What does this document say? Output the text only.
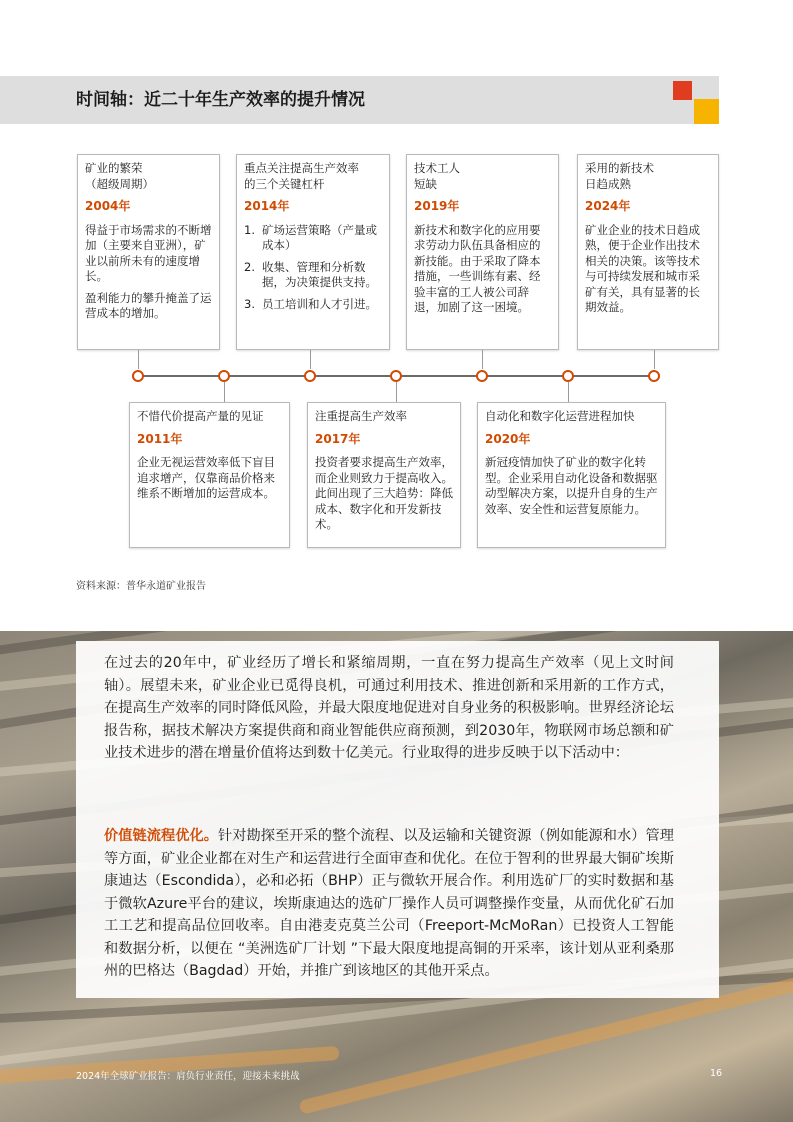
时间轴：近二十年生产效率的提升情况
矿业的繁荣
（超级周期）
2004年

得益于市场需求的不断增加（主要来自亚洲），矿业以前所未有的速度增长。

盈利能力的攀升掩盖了运营成本的增加。

重点关注提高生产效率
的三个关键杠杆
2014年
1. 矿场运营策略（产量或成本）
2. 收集、管理和分析数据，为决策提供支持。
3. 员工培训和人才引进。
技术工人
短缺
2019年

新技术和数字化的应用要求劳动力队伍具备相应的新技能。由于采取了降本措施，一些训练有素、经验丰富的工人被公司辞退，加剧了这一困境。

采用的新技术
日趋成熟
2024年

矿业企业的技术日趋成熟，便于企业作出技术相关的决策。该等技术与可持续发展和城市采矿有关，具有显著的长期效益。

不惜代价提高产量的见证
2011年

企业无视运营效率低下盲目追求增产，仅靠商品价格来维系不断增加的运营成本。

注重提高生产效率
2017年

投资者要求提高生产效率，而企业则致力于提高收入。此间出现了三大趋势：降低成本、数字化和开发新技术。

自动化和数字化运营进程加快
2020年

新冠疫情加快了矿业的数字化转型。企业采用自动化设备和数据驱动型解决方案，以提升自身的生产效率、安全性和运营复原能力。

资料来源：普华永道矿业报告

在过去的20年中，矿业经历了增长和紧缩周期，一直在努力提高生产效率（见上文时间轴）。展望未来，矿业企业已觅得良机，可通过利用技术、推进创新和采用新的工作方式，在提高生产效率的同时降低风险，并最大限度地促进对自身业务的积极影响。世界经济论坛报告称，据技术解决方案提供商和商业智能供应商预测，到2030年，物联网市场总额和矿业技术进步的潜在增量价值将达到数十亿美元。行业取得的进步反映于以下活动中：

价值链流程优化。针对勘探至开采的整个流程、以及运输和关键资源（例如能源和水）管理等方面，矿业企业都在对生产和运营进行全面审查和优化。在位于智利的世界最大铜矿埃斯康迪达（Escondida），必和必拓（BHP）正与微软开展合作。利用选矿厂的实时数据和基于微软Azure平台的建议，埃斯康迪达的选矿厂操作人员可调整操作变量，从而优化矿石加工工艺和提高品位回收率。自由港麦克莫兰公司（Freeport-McMoRan）已投资人工智能和数据分析，以便在 “美洲选矿厂计划 ”下最大限度地提高铜的开采率，该计划从亚利桑那州的巴格达（Bagdad）开始，并推广到该地区的其他开采点。

2024年全球矿业报告：肩负行业责任，迎接未来挑战	16
